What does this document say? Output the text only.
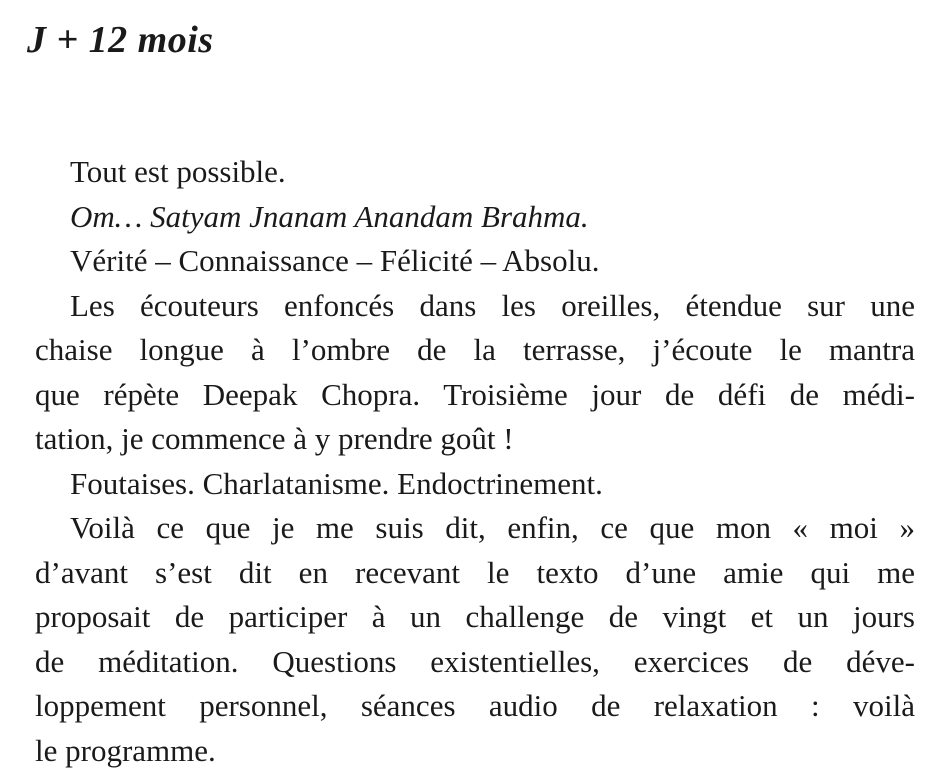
J + 12 mois
Tout est possible.
Om… Satyam Jnanam Anandam Brahma.
Vérité – Connaissance – Félicité – Absolu.
Les écouteurs enfoncés dans les oreilles, étendue sur une
chaise longue à l’ombre de la terrasse, j’écoute le mantra
que répète Deepak Chopra. Troisième jour de défi de médi-
tation, je commence à y prendre goût !
Foutaises. Charlatanisme. Endoctrinement.
Voilà ce que je me suis dit, enfin, ce que mon « moi »
d’avant s’est dit en recevant le texto d’une amie qui me
proposait de participer à un challenge de vingt et un jours
de méditation. Questions existentielles, exercices de déve-
loppement personnel, séances audio de relaxation : voilà
le programme.
